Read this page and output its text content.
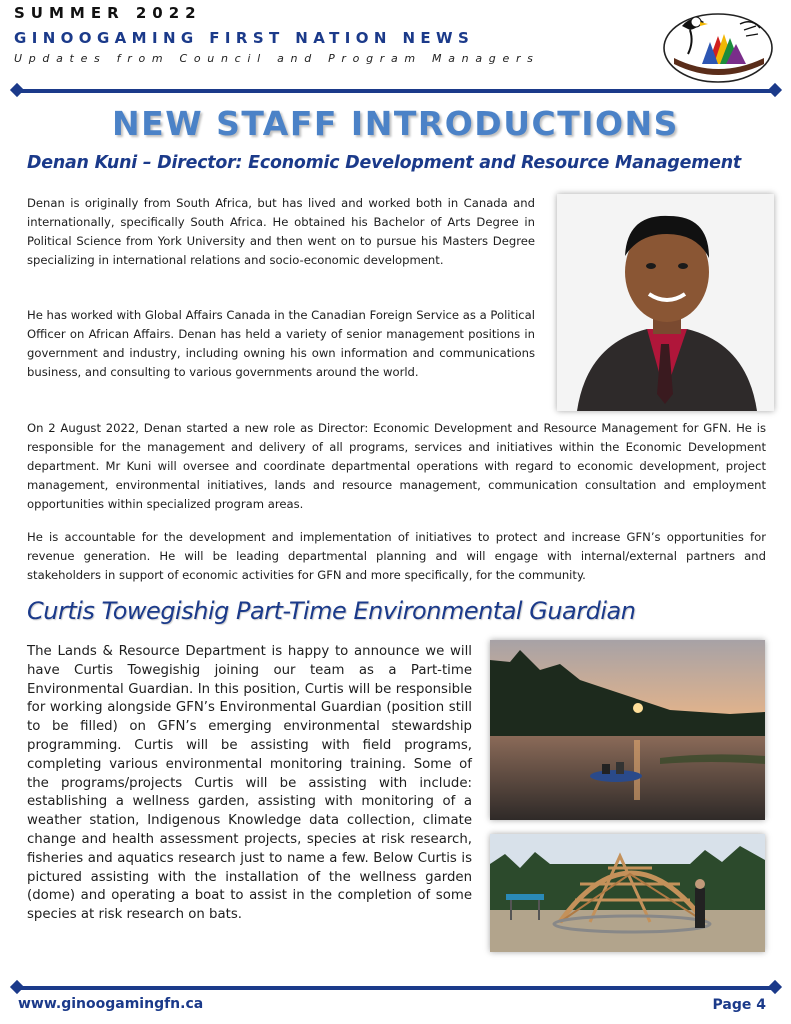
SUMMER 2022
GINOOGAMING FIRST NATION NEWS
Updates from Council and Program Managers
NEW STAFF INTRODUCTIONS
Denan Kuni – Director: Economic Development and Resource Management

Denan is originally from South Africa, but has lived and worked both in Canada and internationally, specifically South Africa. He obtained his Bachelor of Arts Degree in Political Science from York University and then went on to pursue his Masters Degree specializing in international relations and socio-economic development.

He has worked with Global Affairs Canada in the Canadian Foreign Service as a Political Officer on African Affairs. Denan has held a variety of senior management positions in government and industry, including owning his own information and communications business, and consulting to various governments around the world.

On 2 August 2022, Denan started a new role as Director: Economic Development and Resource Management for GFN. He is responsible for the management and delivery of all programs, services and initiatives within the Economic Development department. Mr Kuni will oversee and coordinate departmental operations with regard to economic development, project management, environmental initiatives, lands and resource management, communication consultation and employment opportunities within specialized program areas.

He is accountable for the development and implementation of initiatives to protect and increase GFN’s opportunities for revenue generation. He will be leading departmental planning and will engage with internal/external partners and stakeholders in support of economic activities for GFN and more specifically, for the community.

Curtis Towegishig Part-Time Environmental Guardian

The Lands & Resource Department is happy to announce we will have Curtis Towegishig joining our team as a Part-time Environmental Guardian. In this position, Curtis will be responsible for working alongside GFN’s Environmental Guardian (position still to be filled) on GFN’s emerging environmental stewardship programming. Curtis will be assisting with field programs, completing various environmental monitoring training. Some of the programs/projects Curtis will be assisting with include: establishing a wellness garden, assisting with monitoring of a weather station, Indigenous Knowledge data collection, climate change and health assessment projects, species at risk research, fisheries and aquatics research just to name a few. Below Curtis is pictured assisting with the installation of the wellness garden (dome) and operating a boat to assist in the completion of some species at risk research on bats.

www.ginoogamingfn.ca	Page 4
